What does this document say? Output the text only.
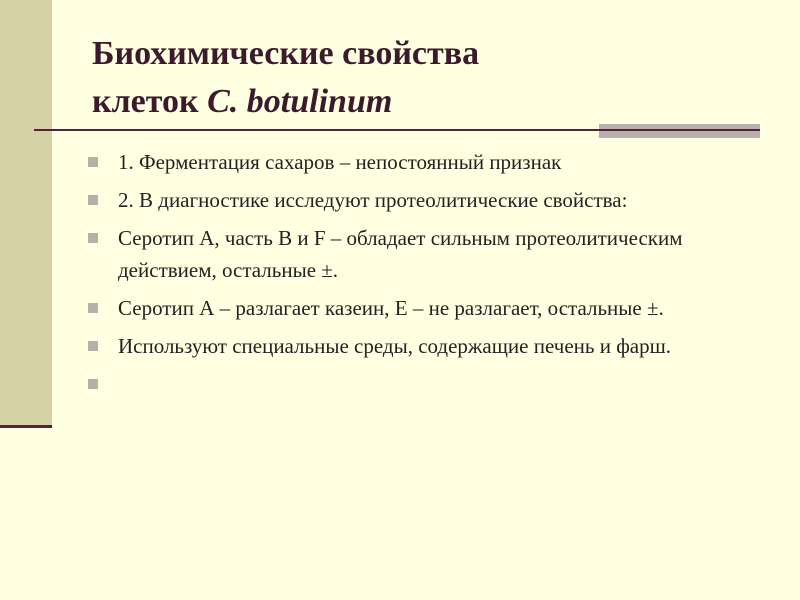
Биохимические свойства
клеток C. botulinum
1. Ферментация сахаров – непостоянный признак
2. В диагностике исследуют протеолитические свойства:
Серотип А, часть В и F – обладает сильным протеолитическим действием, остальные ±.
Серотип А – разлагает казеин, Е – не разлагает, остальные ±.
Используют специальные среды, содержащие печень и фарш.
